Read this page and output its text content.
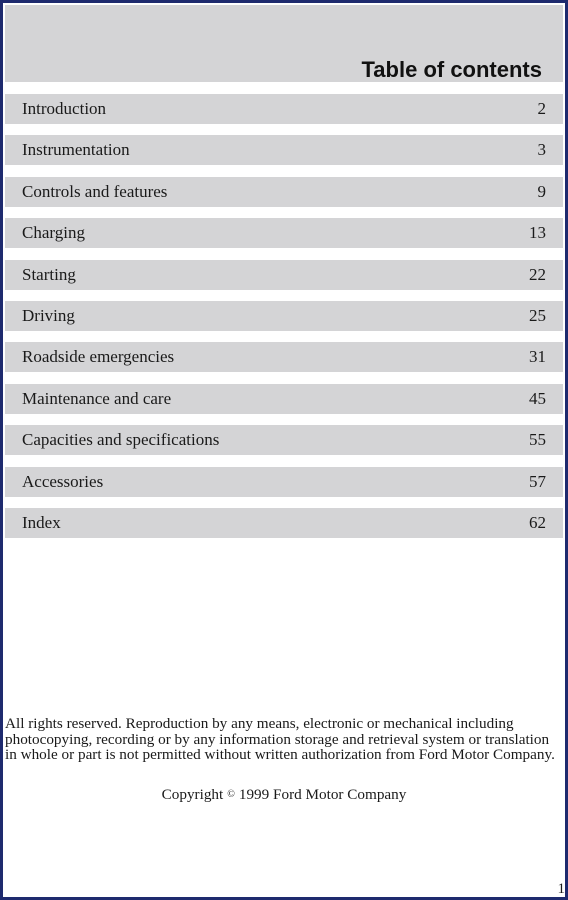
Table of contents
Introduction	2
Instrumentation	3
Controls and features	9
Charging	13
Starting	22
Driving	25
Roadside emergencies	31
Maintenance and care	45
Capacities and specifications	55
Accessories	57
Index	62

All rights reserved. Reproduction by any means, electronic or mechanical including photocopying, recording or by any information storage and retrieval system or translation in whole or part is not permitted without written authorization from Ford Motor Company.

Copyright © 1999 Ford Motor Company

1
